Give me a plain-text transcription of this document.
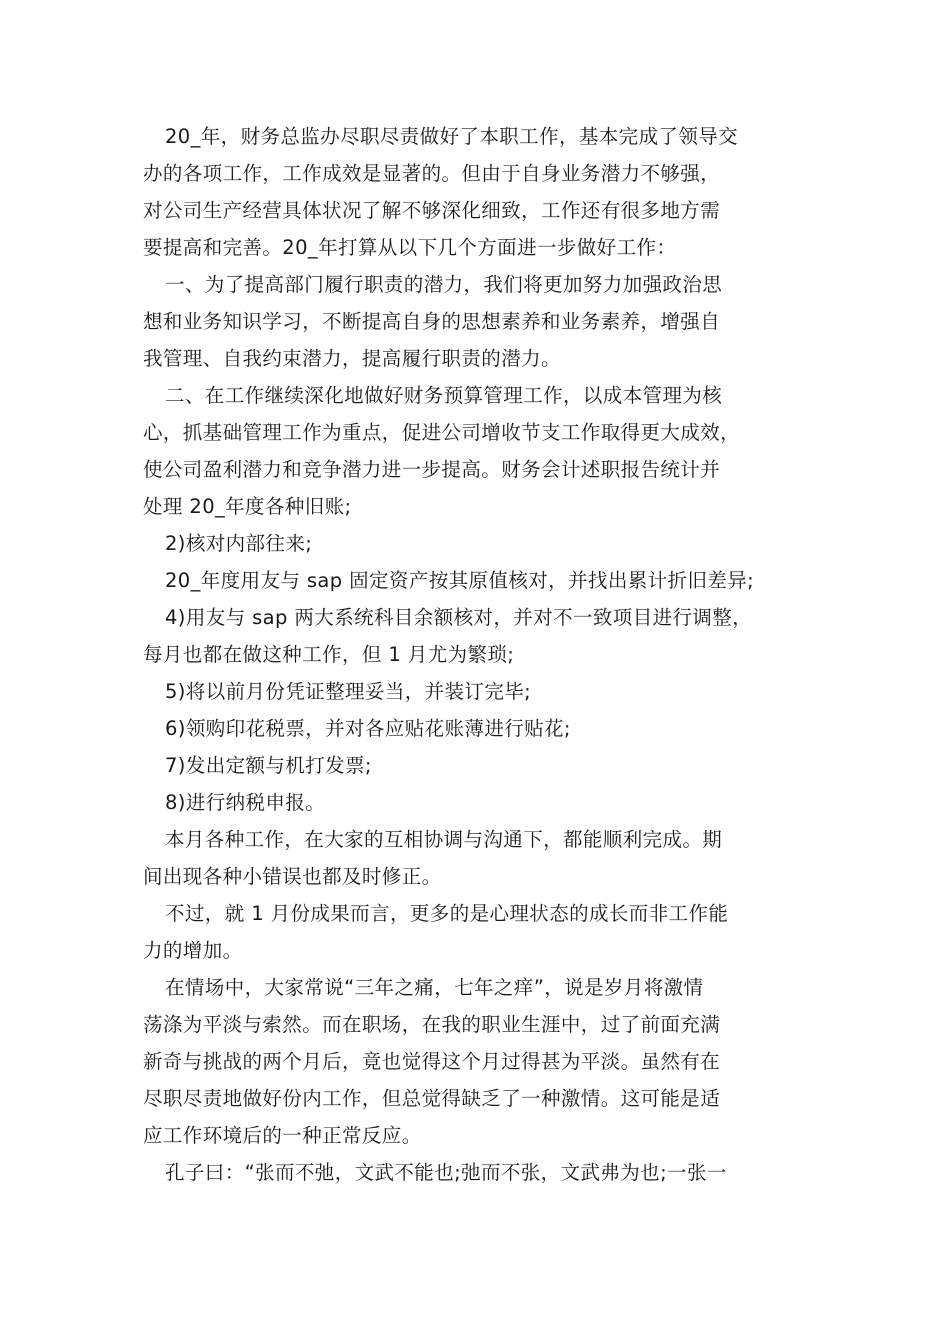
20_年，财务总监办尽职尽责做好了本职工作，基本完成了领导交
办的各项工作，工作成效是显著的。但由于自身业务潜力不够强，
对公司生产经营具体状况了解不够深化细致，工作还有很多地方需
要提高和完善。20_年打算从以下几个方面进一步做好工作：
一、为了提高部门履行职责的潜力，我们将更加努力加强政治思
想和业务知识学习，不断提高自身的思想素养和业务素养，增强自
我管理、自我约束潜力，提高履行职责的潜力。
二、在工作继续深化地做好财务预算管理工作，以成本管理为核
心，抓基础管理工作为重点，促进公司增收节支工作取得更大成效，
使公司盈利潜力和竞争潜力进一步提高。财务会计述职报告统计并
处理 20_年度各种旧账;
2)核对内部往来;
20_年度用友与 sap 固定资产按其原值核对，并找出累计折旧差异;
4)用友与 sap 两大系统科目余额核对，并对不一致项目进行调整，
每月也都在做这种工作，但 1 月尤为繁琐;
5)将以前月份凭证整理妥当，并装订完毕;
6)领购印花税票，并对各应贴花账薄进行贴花;
7)发出定额与机打发票;
8)进行纳税申报。
本月各种工作，在大家的互相协调与沟通下，都能顺利完成。期
间出现各种小错误也都及时修正。
不过，就 1 月份成果而言，更多的是心理状态的成长而非工作能
力的增加。
在情场中，大家常说“三年之痛，七年之痒”，说是岁月将激情
荡涤为平淡与索然。而在职场，在我的职业生涯中，过了前面充满
新奇与挑战的两个月后，竟也觉得这个月过得甚为平淡。虽然有在
尽职尽责地做好份内工作，但总觉得缺乏了一种激情。这可能是适
应工作环境后的一种正常反应。
孔子曰：“张而不弛，文武不能也;弛而不张，文武弗为也;一张一
